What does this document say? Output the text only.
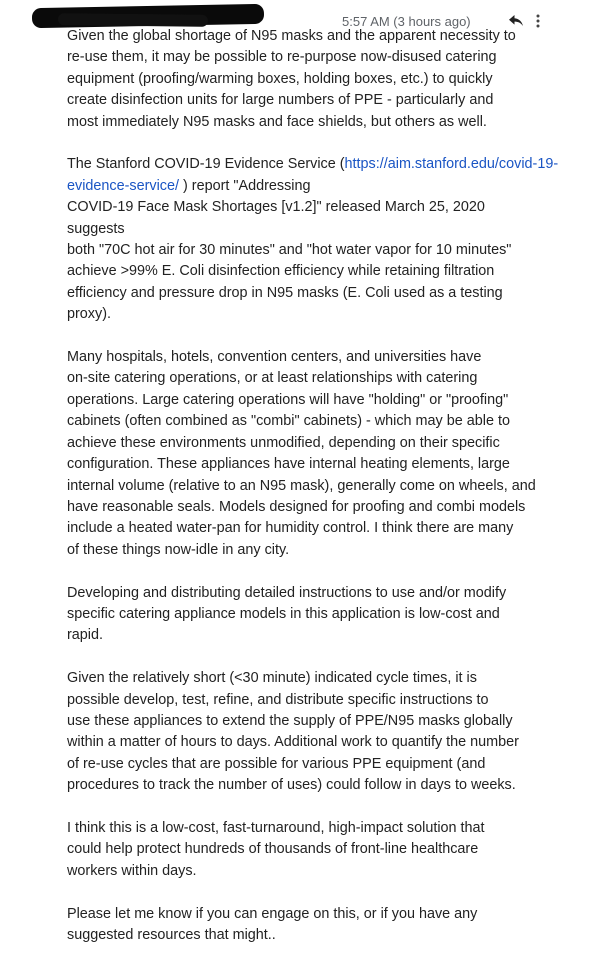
5:57 AM (3 hours ago)

Given the global shortage of N95 masks and the apparent necessity to
re-use them, it may be possible to re-purpose now-disused catering
equipment (proofing/warming boxes, holding boxes, etc.) to quickly
create disinfection units for large numbers of PPE - particularly and
most immediately N95 masks and face shields, but others as well.

The Stanford COVID-19 Evidence Service (https://aim.stanford.edu/covid-19-evidence-service/ ) report "Addressing
COVID-19 Face Mask Shortages [v1.2]" released March 25, 2020
suggests
both "70C hot air for 30 minutes" and "hot water vapor for 10 minutes"
achieve >99% E. Coli disinfection efficiency while retaining filtration
efficiency and pressure drop in N95 masks (E. Coli used as a testing
proxy).

Many hospitals, hotels, convention centers, and universities have
on-site catering operations, or at least relationships with catering
operations. Large catering operations will have "holding" or "proofing"
cabinets (often combined as "combi" cabinets) - which may be able to
achieve these environments unmodified, depending on their specific
configuration. These appliances have internal heating elements, large
internal volume (relative to an N95 mask), generally come on wheels, and
have reasonable seals. Models designed for proofing and combi models
include a heated water-pan for humidity control. I think there are many
of these things now-idle in any city.

Developing and distributing detailed instructions to use and/or modify
specific catering appliance models in this application is low-cost and
rapid.

Given the relatively short (<30 minute) indicated cycle times, it is
possible develop, test, refine, and distribute specific instructions to
use these appliances to extend the supply of PPE/N95 masks globally
within a matter of hours to days. Additional work to quantify the number
of re-use cycles that are possible for various PPE equipment (and
procedures to track the number of uses) could follow in days to weeks.

I think this is a low-cost, fast-turnaround, high-impact solution that
could help protect hundreds of thousands of front-line healthcare
workers within days.

Please let me know if you can engage on this, or if you have any
suggested resources that might..
